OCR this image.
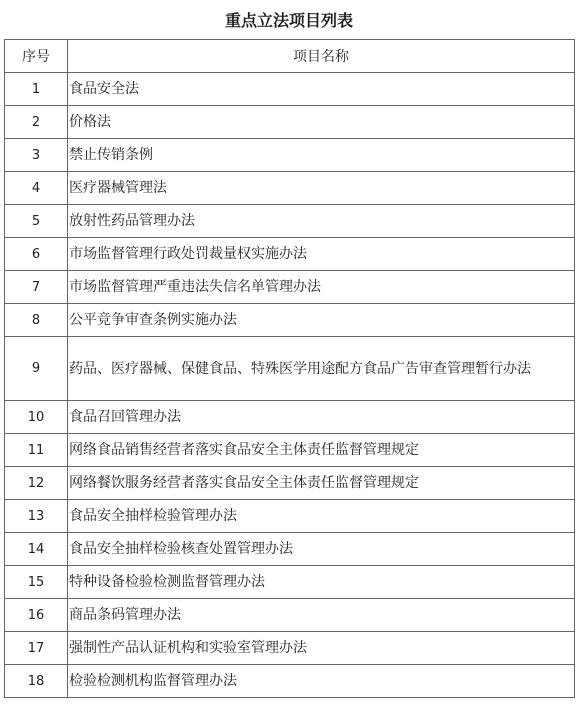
重点立法项目列表
序号	项目名称
1	食品安全法
2	价格法
3	禁止传销条例
4	医疗器械管理法
5	放射性药品管理办法
6	市场监督管理行政处罚裁量权实施办法
7	市场监督管理严重违法失信名单管理办法
8	公平竞争审查条例实施办法
9	药品、医疗器械、保健食品、特殊医学用途配方食品广告审查管理暂行办法
10	食品召回管理办法
11	网络食品销售经营者落实食品安全主体责任监督管理规定
12	网络餐饮服务经营者落实食品安全主体责任监督管理规定
13	食品安全抽样检验管理办法
14	食品安全抽样检验核查处置管理办法
15	特种设备检验检测监督管理办法
16	商品条码管理办法
17	强制性产品认证机构和实验室管理办法
18	检验检测机构监督管理办法
